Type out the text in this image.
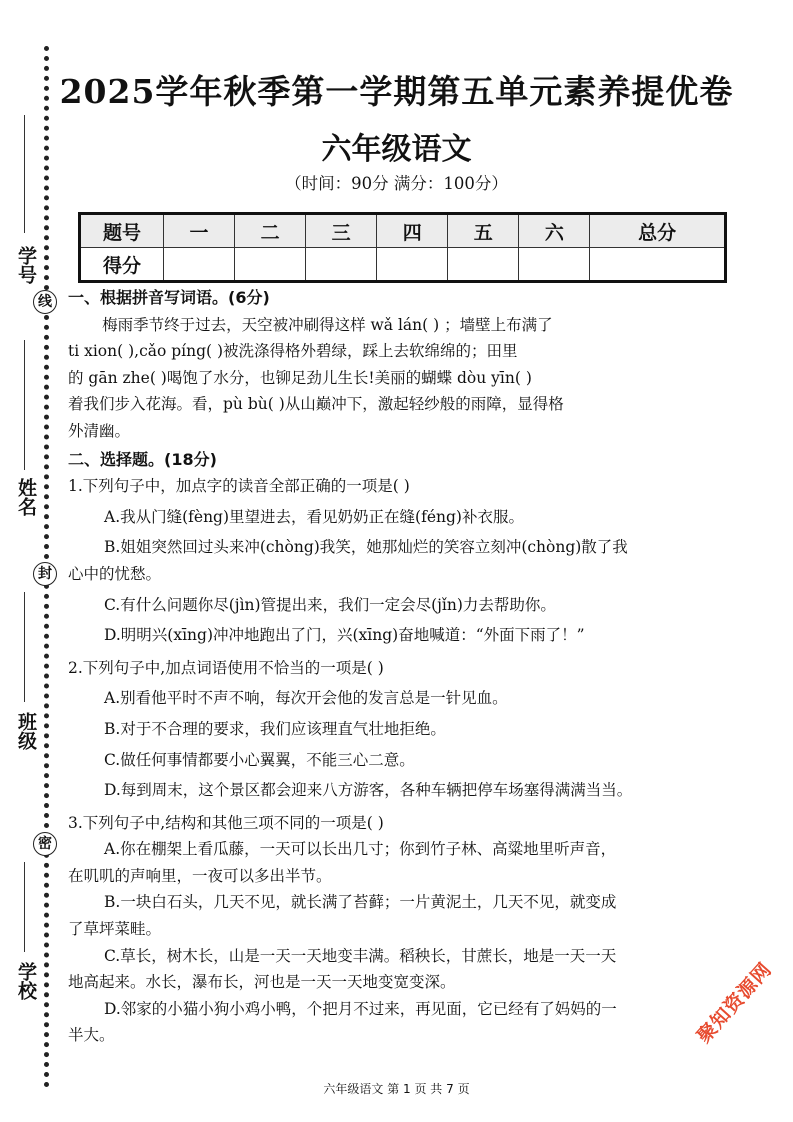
学号
线
姓名
封
班级
密
学校
2025学年秋季第一学期第五单元素养提优卷
六年级语文
（时间：90分 满分：100分）
题号	一	二	三	四	五	六	总分
得分							

一、根据拼音写词语。(6分)

梅雨季节终于过去，天空被冲刷得这样 wǎ lán( ) ；墙壁上布满了

ti xion( ),cǎo píng( )被洗涤得格外碧绿，踩上去软绵绵的；田里

的 gān zhe( )喝饱了水分，也铆足劲儿生长!美丽的蝴蝶 dòu yīn( )

着我们步入花海。看，pù bù( )从山巅冲下，激起轻纱般的雨障，显得格

外清幽。

二、选择题。(18分)

1.下列句子中，加点字的读音全部正确的一项是( )

A.我从门缝(fèng)里望进去，看见奶奶正在缝(féng)补衣服。

B.姐姐突然回过头来冲(chòng)我笑，她那灿烂的笑容立刻冲(chòng)散了我

心中的忧愁。

C.有什么问题你尽(jìn)管提出来，我们一定会尽(jǐn)力去帮助你。

D.明明兴(xīng)冲冲地跑出了门，兴(xīng)奋地喊道：“外面下雨了！”

2.下列句子中,加点词语使用不恰当的一项是( )

A.别看他平时不声不响，每次开会他的发言总是一针见血。

B.对于不合理的要求，我们应该理直气壮地拒绝。

C.做任何事情都要小心翼翼，不能三心二意。

D.每到周末，这个景区都会迎来八方游客，各种车辆把停车场塞得满满当当。

3.下列句子中,结构和其他三项不同的一项是( )

A.你在棚架上看瓜藤，一天可以长出几寸；你到竹子林、高粱地里听声音，

在叽叽的声响里，一夜可以多出半节。

B.一块白石头，几天不见，就长满了苔藓；一片黄泥土，几天不见，就变成

了草坪菜畦。

C.草长，树木长，山是一天一天地变丰满。稻秧长，甘蔗长，地是一天一天

地高起来。水长，瀑布长，河也是一天一天地变宽变深。

D.邻家的小猫小狗小鸡小鸭，个把月不过来，再见面，它已经有了妈妈的一

半大。	聚知资源网
六年级语文 第 1 页 共 7 页
